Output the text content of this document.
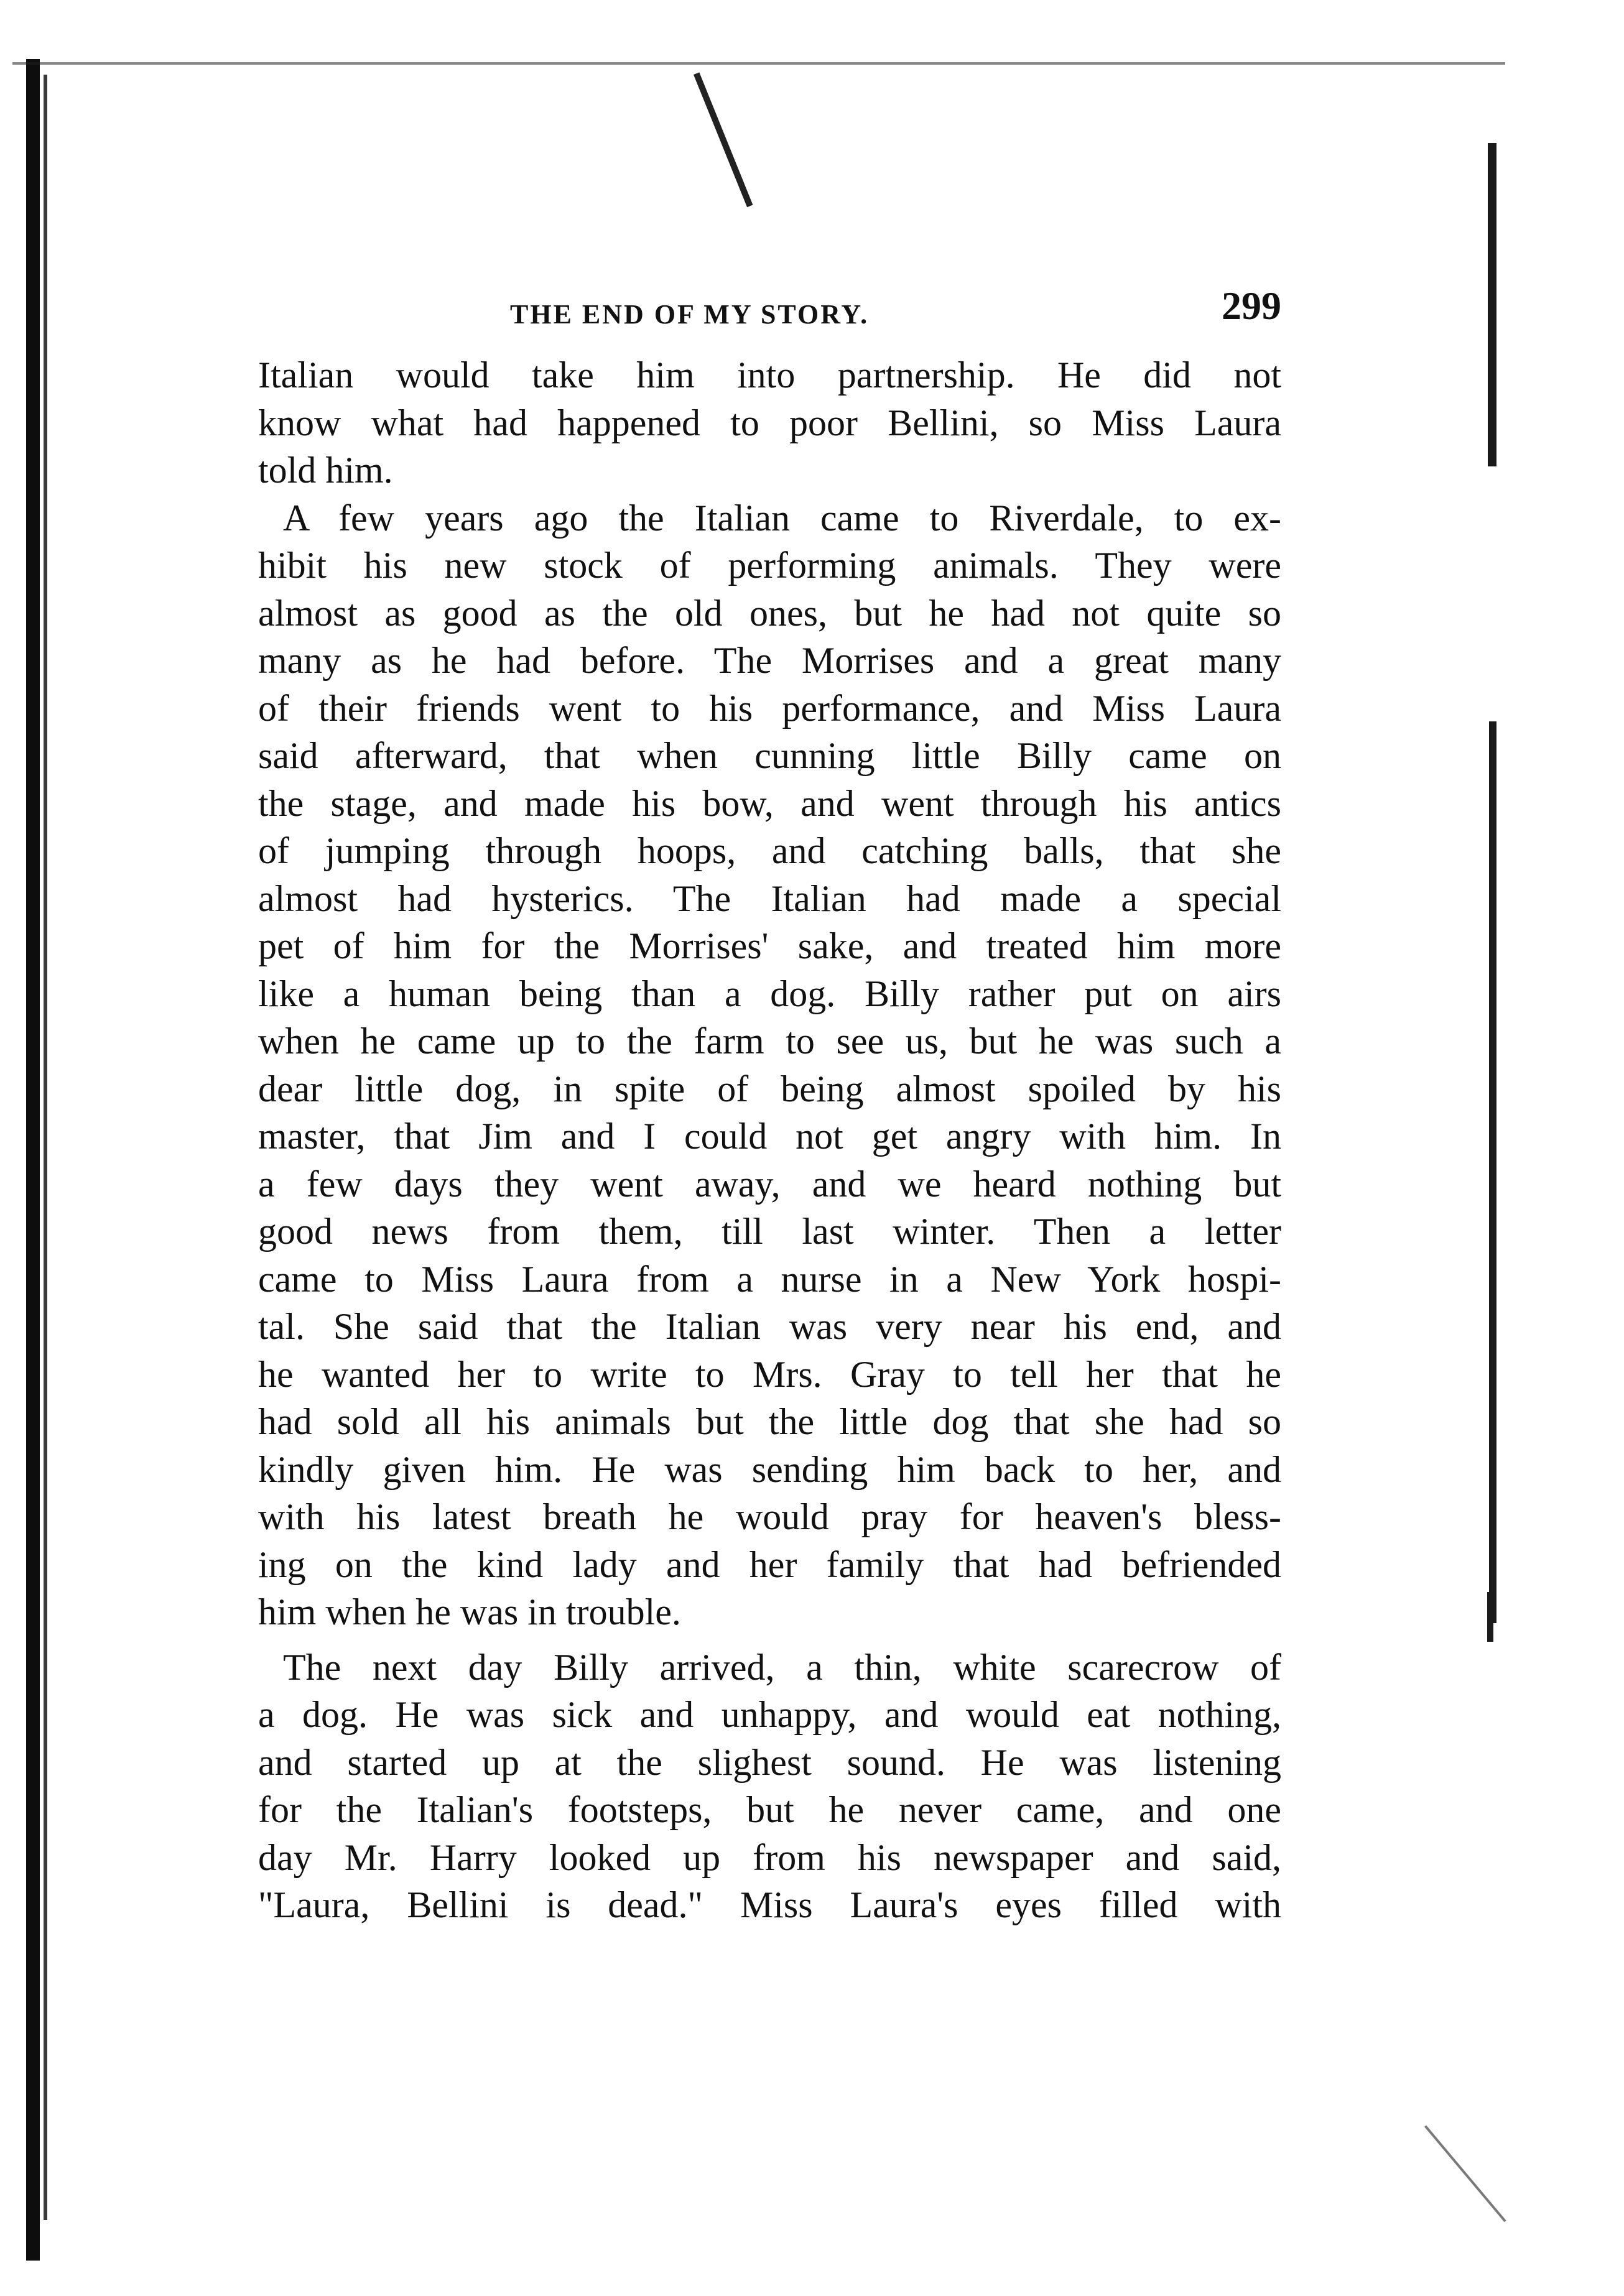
THE END OF MY STORY.	299

Italian would take him into partnership. He did not
know what had happened to poor Bellini, so Miss Laura
told him.

A few years ago the Italian came to Riverdale, to ex-
hibit his new stock of performing animals. They were
almost as good as the old ones, but he had not quite so
many as he had before. The Morrises and a great many
of their friends went to his performance, and Miss Laura
said afterward, that when cunning little Billy came on
the stage, and made his bow, and went through his antics
of jumping through hoops, and catching balls, that she
almost had hysterics. The Italian had made a special
pet of him for the Morrises' sake, and treated him more
like a human being than a dog. Billy rather put on airs
when he came up to the farm to see us, but he was such a
dear little dog, in spite of being almost spoiled by his
master, that Jim and I could not get angry with him. In
a few days they went away, and we heard nothing but
good news from them, till last winter. Then a letter
came to Miss Laura from a nurse in a New York hospi-
tal. She said that the Italian was very near his end, and
he wanted her to write to Mrs. Gray to tell her that he
had sold all his animals but the little dog that she had so
kindly given him. He was sending him back to her, and
with his latest breath he would pray for heaven's bless-
ing on the kind lady and her family that had befriended
him when he was in trouble.

The next day Billy arrived, a thin, white scarecrow of
a dog. He was sick and unhappy, and would eat nothing,
and started up at the slighest sound. He was listening
for the Italian's footsteps, but he never came, and one
day Mr. Harry looked up from his newspaper and said,
"Laura, Bellini is dead." Miss Laura's eyes filled with
